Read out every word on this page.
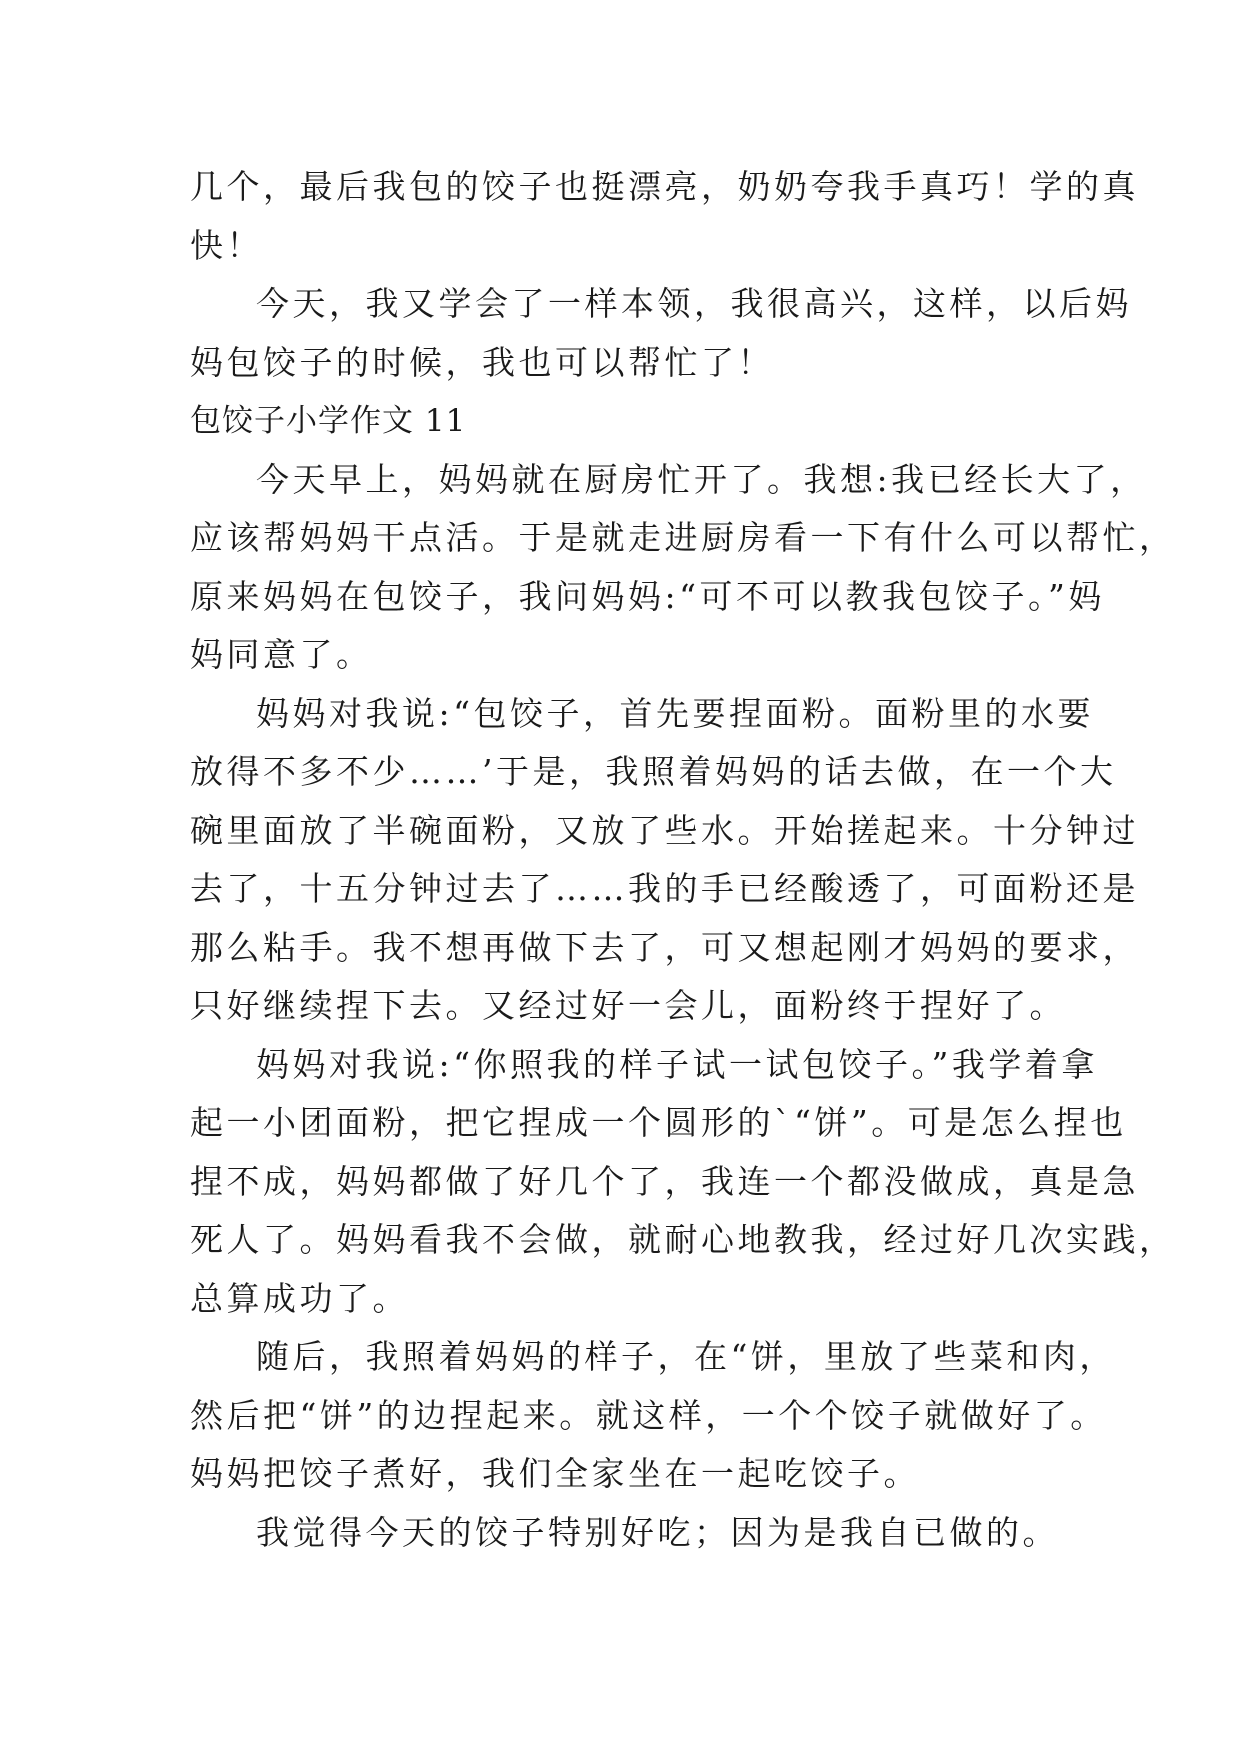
几个，最后我包的饺子也挺漂亮，奶奶夸我手真巧！学的真

快！

今天，我又学会了一样本领，我很高兴，这样，以后妈

妈包饺子的时候，我也可以帮忙了！

包饺子小学作文 11

今天早上，妈妈就在厨房忙开了。我想:我已经长大了，

应该帮妈妈干点活。于是就走进厨房看一下有什么可以帮忙，

原来妈妈在包饺子，我问妈妈:“可不可以教我包饺子。”妈

妈同意了。

妈妈对我说:“包饺子，首先要捏面粉。面粉里的水要

放得不多不少……’于是，我照着妈妈的话去做，在一个大

碗里面放了半碗面粉，又放了些水。开始搓起来。十分钟过

去了，十五分钟过去了……我的手已经酸透了，可面粉还是

那么粘手。我不想再做下去了，可又想起刚才妈妈的要求，

只好继续捏下去。又经过好一会儿，面粉终于捏好了。

妈妈对我说:“你照我的样子试一试包饺子。”我学着拿

起一小团面粉，把它捏成一个圆形的`“饼”。可是怎么捏也

捏不成，妈妈都做了好几个了，我连一个都没做成，真是急

死人了。妈妈看我不会做，就耐心地教我，经过好几次实践，

总算成功了。

随后，我照着妈妈的样子，在“饼，里放了些菜和肉，

然后把“饼”的边捏起来。就这样，一个个饺子就做好了。

妈妈把饺子煮好，我们全家坐在一起吃饺子。

我觉得今天的饺子特别好吃；因为是我自已做的。
